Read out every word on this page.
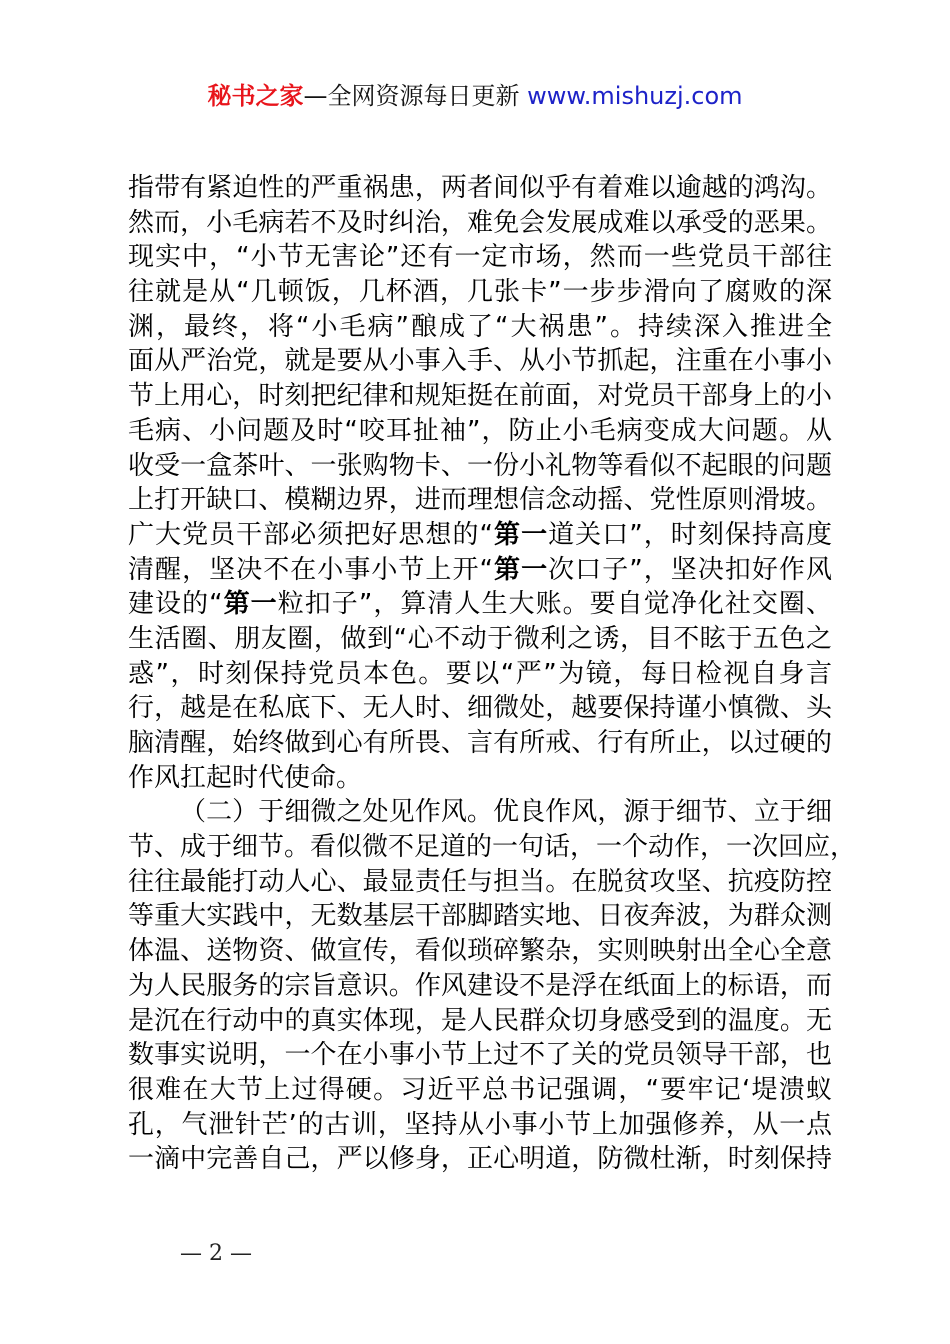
秘书之家—全网资源每日更新 www.mishuzj.com
指带有紧迫性的严重祸患，两者间似乎有着难以逾越的鸿沟。
然而，小毛病若不及时纠治，难免会发展成难以承受的恶果。
现实中，“小节无害论”还有一定市场，然而一些党员干部往
往就是从“几顿饭，几杯酒，几张卡”一步步滑向了腐败的深
渊，最终，将“小毛病”酿成了“大祸患”。持续深入推进全
面从严治党，就是要从小事入手、从小节抓起，注重在小事小
节上用心，时刻把纪律和规矩挺在前面，对党员干部身上的小
毛病、小问题及时“咬耳扯袖”，防止小毛病变成大问题。从
收受一盒茶叶、一张购物卡、一份小礼物等看似不起眼的问题
上打开缺口、模糊边界，进而理想信念动摇、党性原则滑坡。
广大党员干部必须把好思想的“第一道关口”，时刻保持高度
清醒，坚决不在小事小节上开“第一次口子”，坚决扣好作风
建设的“第一粒扣子”，算清人生大账。要自觉净化社交圈、
生活圈、朋友圈，做到“心不动于微利之诱，目不眩于五色之
惑”，时刻保持党员本色。要以“严”为镜，每日检视自身言
行，越是在私底下、无人时、细微处，越要保持谨小慎微、头
脑清醒，始终做到心有所畏、言有所戒、行有所止，以过硬的
作风扛起时代使命。
（二）于细微之处见作风。优良作风，源于细节、立于细
节、成于细节。看似微不足道的一句话，一个动作，一次回应，
往往最能打动人心、最显责任与担当。在脱贫攻坚、抗疫防控
等重大实践中，无数基层干部脚踏实地、日夜奔波，为群众测
体温、送物资、做宣传，看似琐碎繁杂，实则映射出全心全意
为人民服务的宗旨意识。作风建设不是浮在纸面上的标语，而
是沉在行动中的真实体现，是人民群众切身感受到的温度。无
数事实说明，一个在小事小节上过不了关的党员领导干部，也
很难在大节上过得硬。习近平总书记强调，“要牢记‘堤溃蚁
孔，气泄针芒’的古训，坚持从小事小节上加强修养，从一点
一滴中完善自己，严以修身，正心明道，防微杜渐，时刻保持
— 2 —
